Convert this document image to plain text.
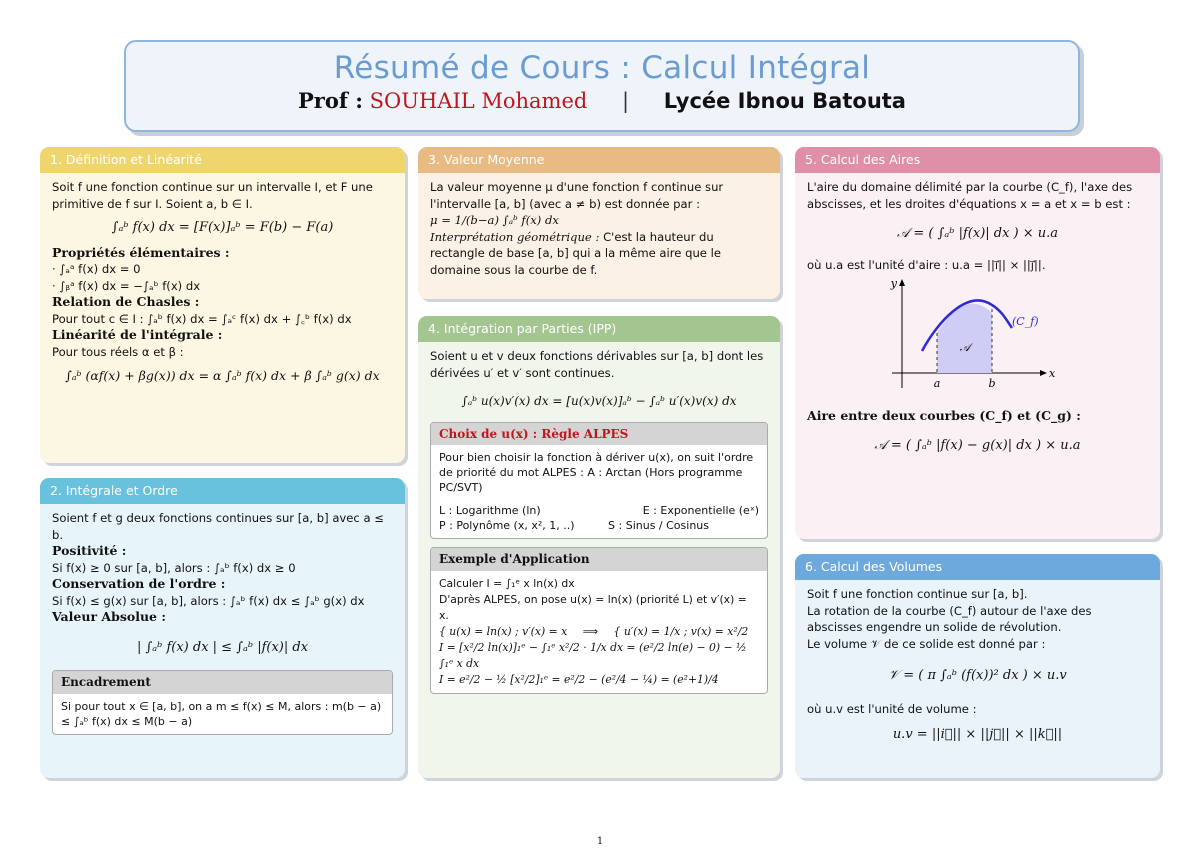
Résumé de Cours : Calcul Intégral
Prof : SOUHAIL Mohamed | Lycée Ibnou Batouta
1. Définition et Linéarité

Soit f une fonction continue sur un intervalle I, et F une primitive de f sur I. Soient a, b ∈ I.

∫ₐᵇ f(x) dx = [F(x)]ₐᵇ = F(b) − F(a)

Propriétés élémentaires :

· ∫ₐᵃ f(x) dx = 0

· ∫ᵦᵃ f(x) dx = −∫ₐᵇ f(x) dx

Relation de Chasles :

Pour tout c ∈ I : ∫ₐᵇ f(x) dx = ∫ₐᶜ f(x) dx + ∫꜀ᵇ f(x) dx

Linéarité de l'intégrale :

Pour tous réels α et β :

∫ₐᵇ (αf(x) + βg(x)) dx = α ∫ₐᵇ f(x) dx + β ∫ₐᵇ g(x) dx
2. Intégrale et Ordre

Soient f et g deux fonctions continues sur [a, b] avec a ≤ b.

Positivité :

Si f(x) ≥ 0 sur [a, b], alors : ∫ₐᵇ f(x) dx ≥ 0

Conservation de l'ordre :

Si f(x) ≤ g(x) sur [a, b], alors : ∫ₐᵇ f(x) dx ≤ ∫ₐᵇ g(x) dx

Valeur Absolue :

| ∫ₐᵇ f(x) dx | ≤ ∫ₐᵇ |f(x)| dx
Encadrement
Si pour tout x ∈ [a, b], on a m ≤ f(x) ≤ M, alors : m(b − a) ≤ ∫ₐᵇ f(x) dx ≤ M(b − a)
3. Valeur Moyenne

La valeur moyenne μ d'une fonction f continue sur l'intervalle [a, b] (avec a ≠ b) est donnée par :

μ = 1/(b−a) ∫ₐᵇ f(x) dx

Interprétation géométrique : C'est la hauteur du rectangle de base [a, b] qui a la même aire que le domaine sous la courbe de f.

4. Intégration par Parties (IPP)

Soient u et v deux fonctions dérivables sur [a, b] dont les dérivées u′ et v′ sont continues.

∫ₐᵇ u(x)v′(x) dx = [u(x)v(x)]ₐᵇ − ∫ₐᵇ u′(x)v(x) dx
Choix de u(x) : Règle ALPES

Pour bien choisir la fonction à dériver u(x), on suit l'ordre de priorité du mot ALPES : A : Arctan (Hors programme PC/SVT)

L : Logarithme (ln)	E : Exponentielle (eˣ)
P : Polynôme (x, x², 1, ..)	S : Sinus / Cosinus
Exemple d'Application

Calculer I = ∫₁ᵉ x ln(x) dx

D'après ALPES, on pose u(x) = ln(x) (priorité L) et v′(x) = x.

{ u(x) = ln(x) ; v′(x) = x ⟹ { u′(x) = 1/x ; v(x) = x²/2

I = [x²/2 ln(x)]₁ᵉ − ∫₁ᵉ x²/2 · 1/x dx = (e²/2 ln(e) − 0) − ½ ∫₁ᵉ x dx

I = e²/2 − ½ [x²/2]₁ᵉ = e²/2 − (e²/4 − ¼) = (e²+1)/4

5. Calcul des Aires

L'aire du domaine délimité par la courbe (C_f), l'axe des abscisses, et les droites d'équations x = a et x = b est :

𝒜 = ( ∫ₐᵇ |f(x)| dx ) × u.a

où u.a est l'unité d'aire : u.a = ||i⃗|| × ||j⃗||.

y
x
a	b
𝒜
(C_f)

Aire entre deux courbes (C_f) et (C_g) :

𝒜 = ( ∫ₐᵇ |f(x) − g(x)| dx ) × u.a
6. Calcul des Volumes

Soit f une fonction continue sur [a, b].

La rotation de la courbe (C_f) autour de l'axe des abscisses engendre un solide de révolution.

Le volume 𝒱 de ce solide est donné par :

𝒱 = ( π ∫ₐᵇ (f(x))² dx ) × u.v

où u.v est l'unité de volume :

u.v = ||i⃗|| × ||j⃗|| × ||k⃗||
1
